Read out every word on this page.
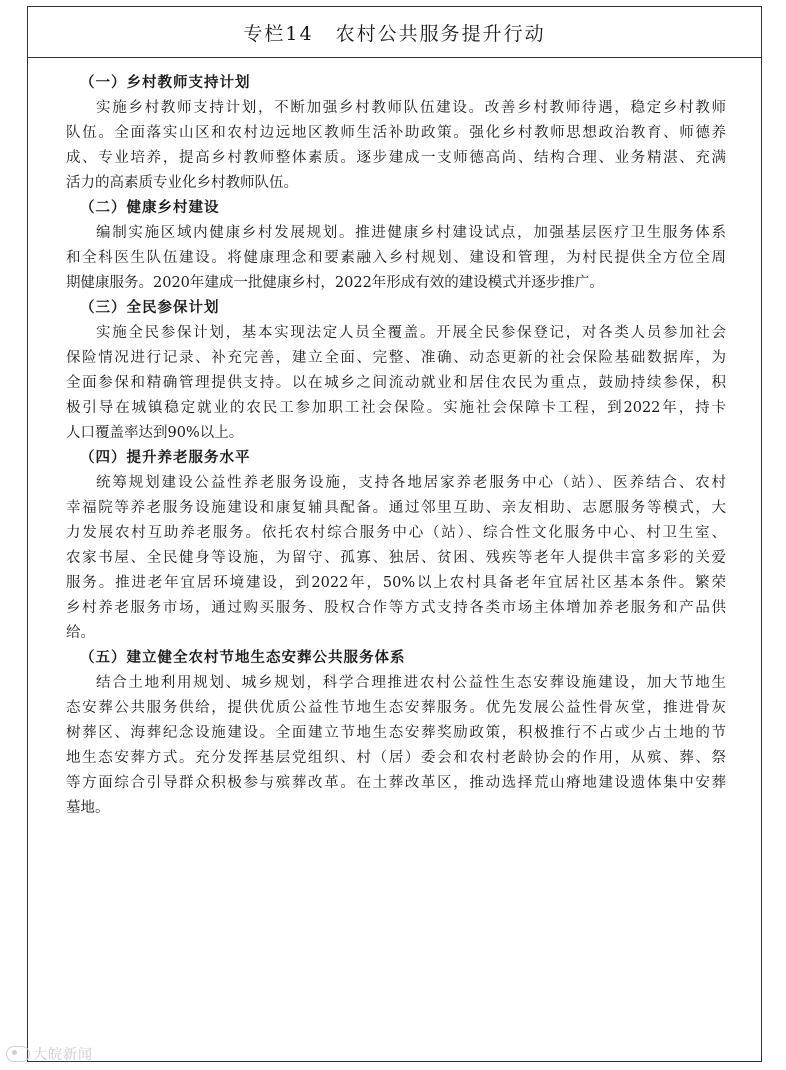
专栏14 农村公共服务提升行动
（一）乡村教师支持计划
实施乡村教师支持计划，不断加强乡村教师队伍建设。改善乡村教师待遇，稳定乡村教师
队伍。全面落实山区和农村边远地区教师生活补助政策。强化乡村教师思想政治教育、师德养
成、专业培养，提高乡村教师整体素质。逐步建成一支师德高尚、结构合理、业务精湛、充满
活力的高素质专业化乡村教师队伍。
（二）健康乡村建设
编制实施区域内健康乡村发展规划。推进健康乡村建设试点，加强基层医疗卫生服务体系
和全科医生队伍建设。将健康理念和要素融入乡村规划、建设和管理，为村民提供全方位全周
期健康服务。2020年建成一批健康乡村，2022年形成有效的建设模式并逐步推广。
（三）全民参保计划
实施全民参保计划，基本实现法定人员全覆盖。开展全民参保登记，对各类人员参加社会
保险情况进行记录、补充完善，建立全面、完整、准确、动态更新的社会保险基础数据库，为
全面参保和精确管理提供支持。以在城乡之间流动就业和居住农民为重点，鼓励持续参保，积
极引导在城镇稳定就业的农民工参加职工社会保险。实施社会保障卡工程，到2022年，持卡
人口覆盖率达到90%以上。
（四）提升养老服务水平
统筹规划建设公益性养老服务设施，支持各地居家养老服务中心（站）、医养结合、农村
幸福院等养老服务设施建设和康复辅具配备。通过邻里互助、亲友相助、志愿服务等模式，大
力发展农村互助养老服务。依托农村综合服务中心（站）、综合性文化服务中心、村卫生室、
农家书屋、全民健身等设施，为留守、孤寡、独居、贫困、残疾等老年人提供丰富多彩的关爱
服务。推进老年宜居环境建设，到2022年，50%以上农村具备老年宜居社区基本条件。繁荣
乡村养老服务市场，通过购买服务、股权合作等方式支持各类市场主体增加养老服务和产品供
给。
（五）建立健全农村节地生态安葬公共服务体系
结合土地利用规划、城乡规划，科学合理推进农村公益性生态安葬设施建设，加大节地生
态安葬公共服务供给，提供优质公益性节地生态安葬服务。优先发展公益性骨灰堂，推进骨灰
树葬区、海葬纪念设施建设。全面建立节地生态安葬奖励政策，积极推行不占或少占土地的节
地生态安葬方式。充分发挥基层党组织、村（居）委会和农村老龄协会的作用，从殡、葬、祭
等方面综合引导群众积极参与殡葬改革。在土葬改革区，推动选择荒山瘠地建设遗体集中安葬
墓地。
大皖新闻
